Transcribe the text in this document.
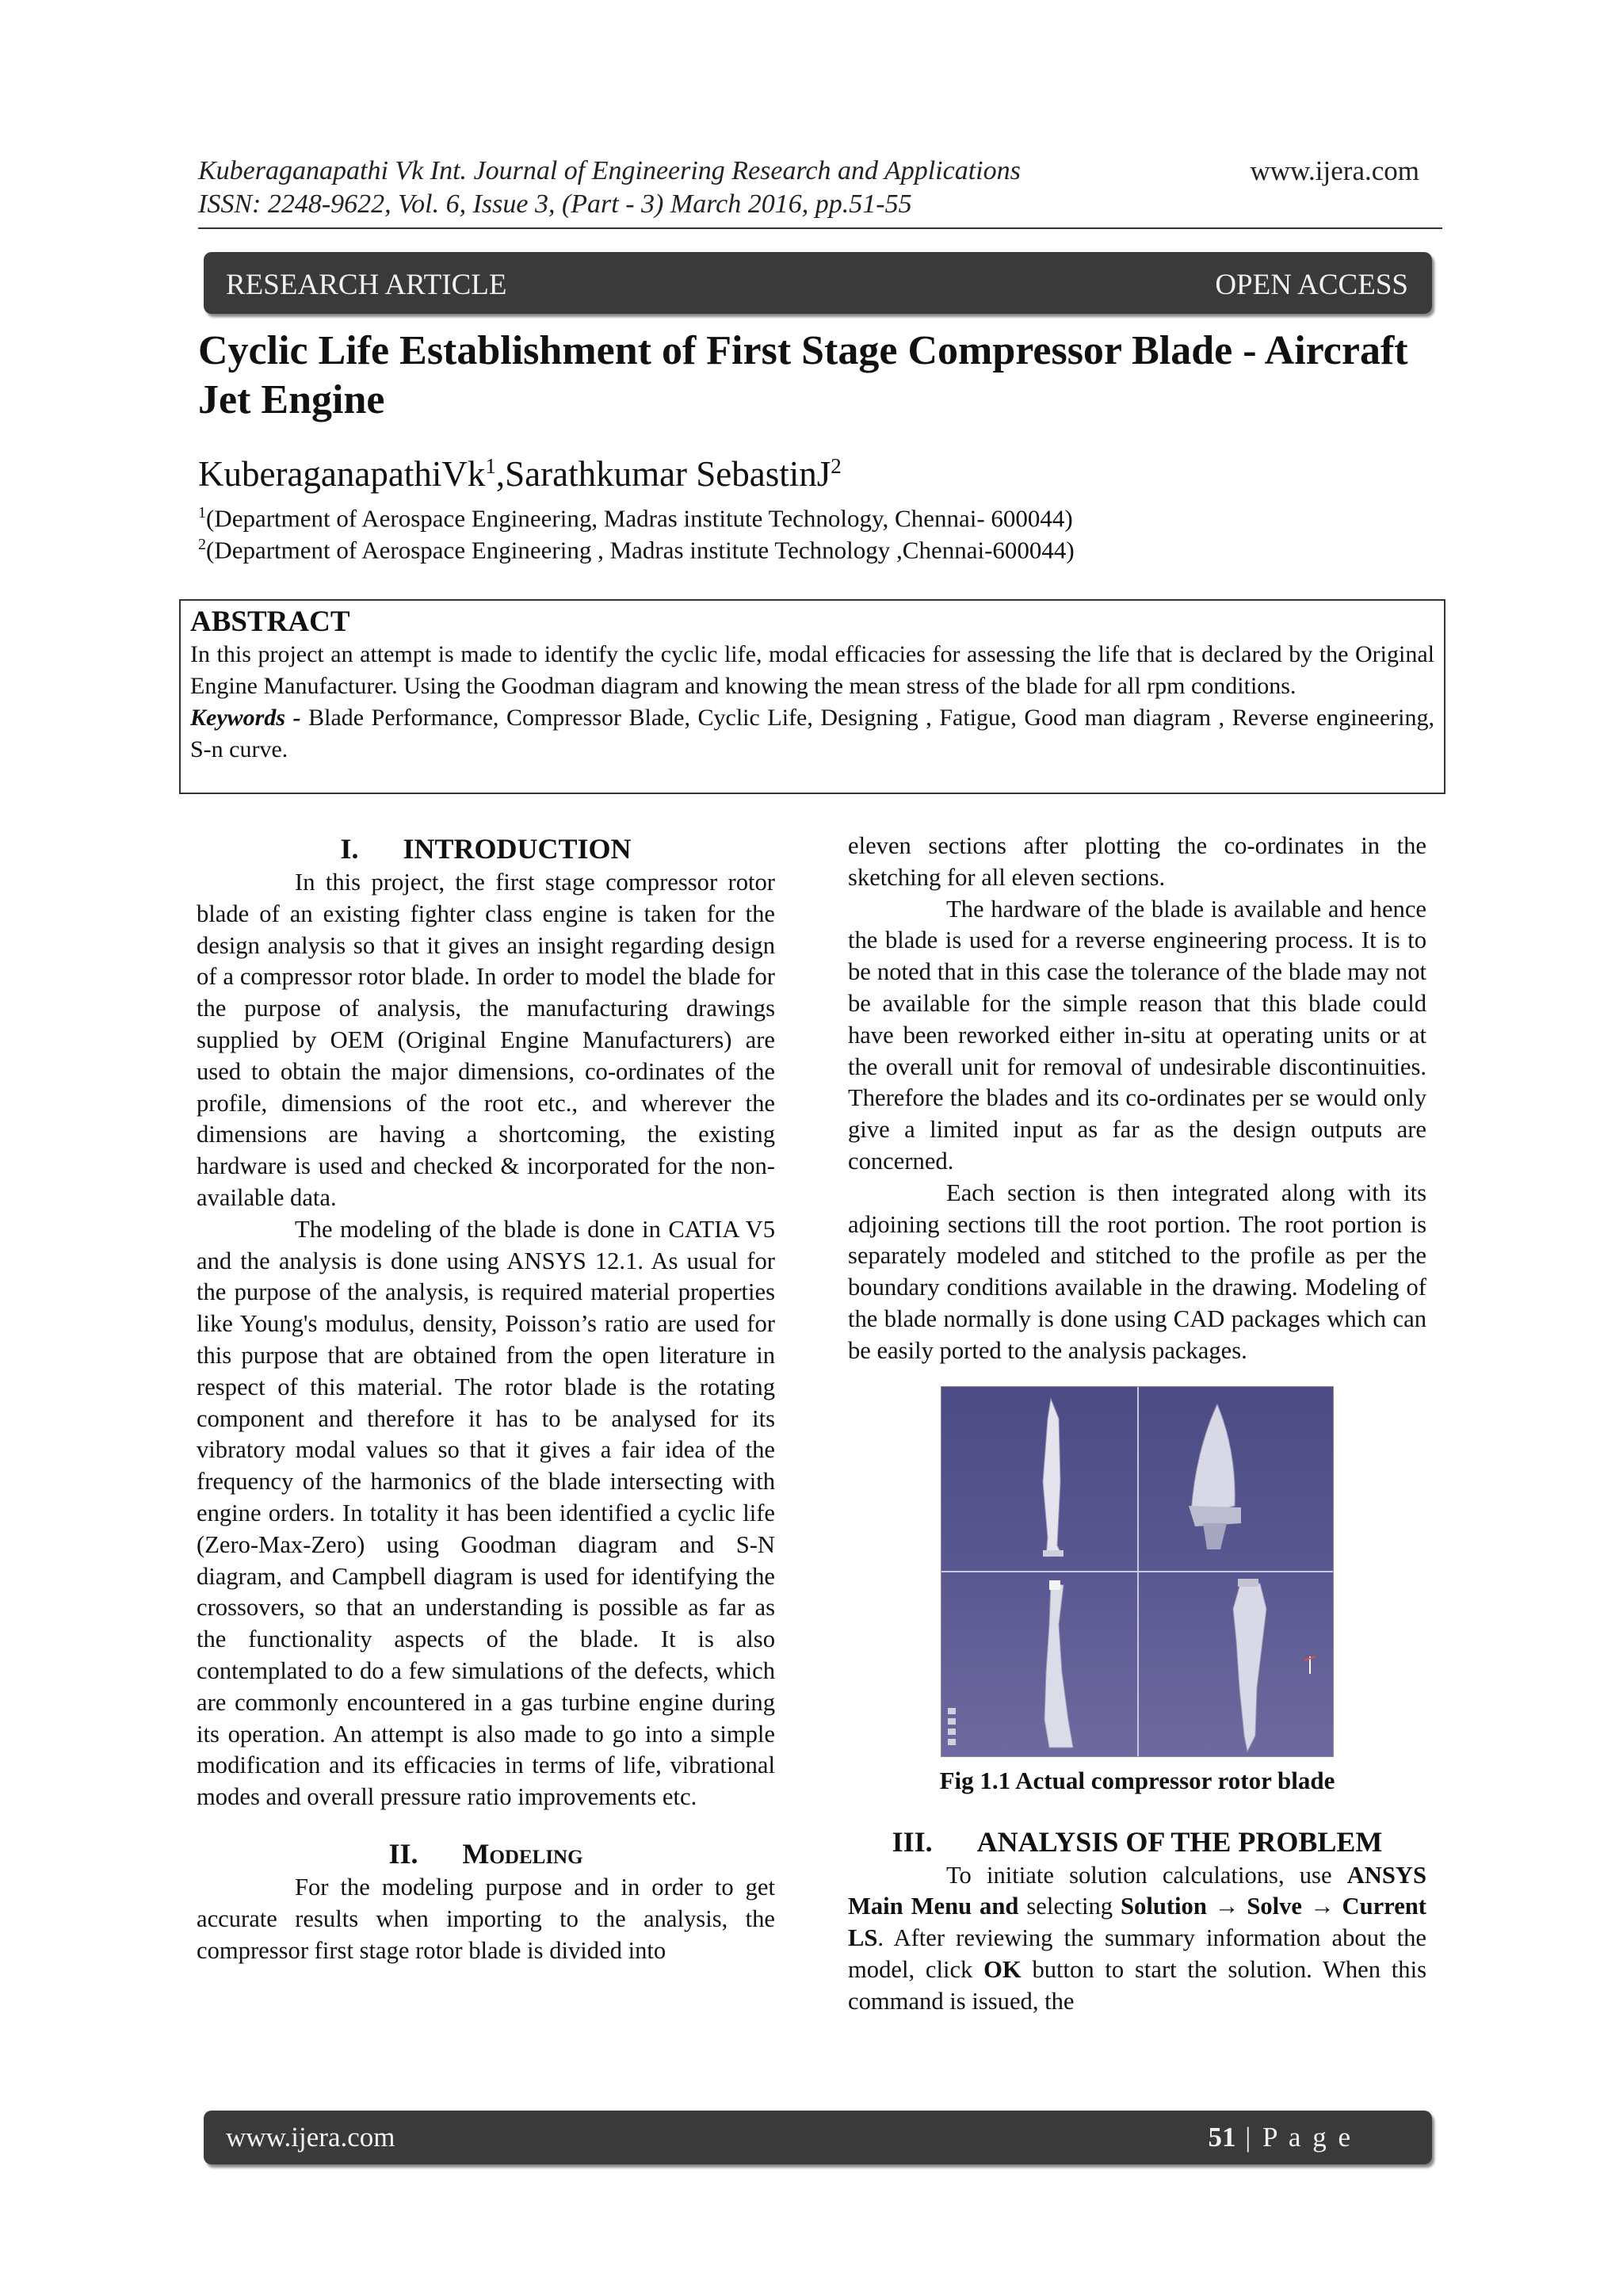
Kuberaganapathi Vk Int. Journal of Engineering Research and Applications
ISSN: 2248-9622, Vol. 6, Issue 3, (Part - 3) March 2016, pp.51-55
www.ijera.com
RESEARCH ARTICLE	OPEN ACCESS
Cyclic Life Establishment of First Stage Compressor Blade - Aircraft Jet Engine
KuberaganapathiVk$^1$,Sarathkumar SebastinJ$^2$
$^1$(Department of Aerospace Engineering, Madras institute Technology, Chennai- 600044)
$^2$(Department of Aerospace Engineering , Madras institute Technology ,Chennai-600044)
ABSTRACT
In this project an attempt is made to identify the cyclic life, modal efficacies for assessing the life that is declared by the Original Engine Manufacturer. Using the Goodman diagram and knowing the mean stress of the blade for all rpm conditions.
Keywords - Blade Performance, Compressor Blade, Cyclic Life, Designing , Fatigue, Good man diagram , Reverse engineering, S-n curve.
I. INTRODUCTION

In this project, the first stage compressor rotor blade of an existing fighter class engine is taken for the design analysis so that it gives an insight regarding design of a compressor rotor blade. In order to model the blade for the purpose of analysis, the manufacturing drawings supplied by OEM (Original Engine Manufacturers) are used to obtain the major dimensions, co-ordinates of the profile, dimensions of the root etc., and wherever the dimensions are having a shortcoming, the existing hardware is used and checked & incorporated for the non-available data.

The modeling of the blade is done in CATIA V5 and the analysis is done using ANSYS 12.1. As usual for the purpose of the analysis, is required material properties like Young's modulus, density, Poisson’s ratio are used for this purpose that are obtained from the open literature in respect of this material. The rotor blade is the rotating component and therefore it has to be analysed for its vibratory modal values so that it gives a fair idea of the frequency of the harmonics of the blade intersecting with engine orders. In totality it has been identified a cyclic life (Zero-Max-Zero) using Goodman diagram and S-N diagram, and Campbell diagram is used for identifying the crossovers, so that an understanding is possible as far as the functionality aspects of the blade. It is also contemplated to do a few simulations of the defects, which are commonly encountered in a gas turbine engine during its operation. An attempt is also made to go into a simple modification and its efficacies in terms of life, vibrational modes and overall pressure ratio improvements etc.

II. Modeling

For the modeling purpose and in order to get accurate results when importing to the analysis, the compressor first stage rotor blade is divided into

eleven sections after plotting the co-ordinates in the sketching for all eleven sections.

The hardware of the blade is available and hence the blade is used for a reverse engineering process. It is to be noted that in this case the tolerance of the blade may not be available for the simple reason that this blade could have been reworked either in-situ at operating units or at the overall unit for removal of undesirable discontinuities. Therefore the blades and its co-ordinates per se would only give a limited input as far as the design outputs are concerned.

Each section is then integrated along with its adjoining sections till the root portion. The root portion is separately modeled and stitched to the profile as per the boundary conditions available in the drawing. Modeling of the blade normally is done using CAD packages which can be easily ported to the analysis packages.

Fig 1.1 Actual compressor rotor blade
III. ANALYSIS OF THE PROBLEM

To initiate solution calculations, use ANSYS Main Menu and selecting Solution → Solve → Current LS. After reviewing the summary information about the model, click OK button to start the solution. When this command is issued, the

www.ijera.com	51 | P a g e
